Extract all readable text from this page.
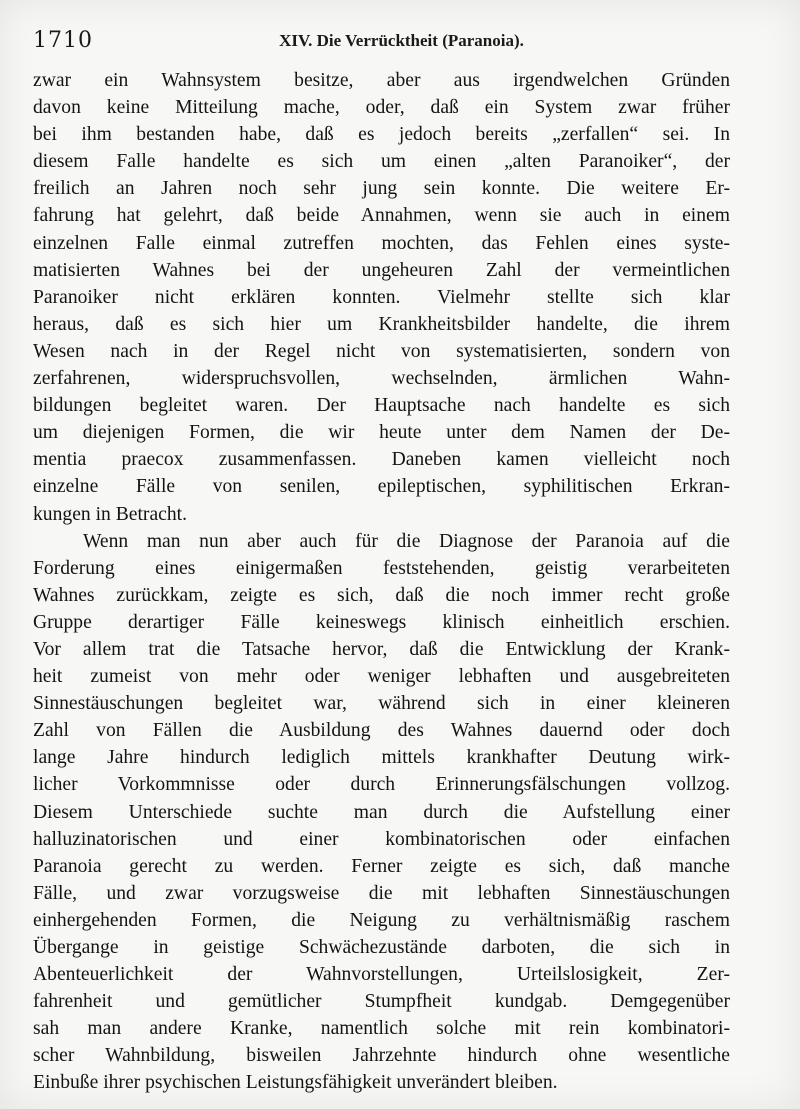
1710	XIV. Die Verrücktheit (Paranoia).
zwar ein Wahnsystem besitze, aber aus irgendwelchen Gründen
davon keine Mitteilung mache, oder, daß ein System zwar früher
bei ihm bestanden habe, daß es jedoch bereits „zerfallen“ sei. In
diesem Falle handelte es sich um einen „alten Paranoiker“, der
freilich an Jahren noch sehr jung sein konnte. Die weitere Er-
fahrung hat gelehrt, daß beide Annahmen, wenn sie auch in einem
einzelnen Falle einmal zutreffen mochten, das Fehlen eines syste-
matisierten Wahnes bei der ungeheuren Zahl der vermeintlichen
Paranoiker nicht erklären konnten. Vielmehr stellte sich klar
heraus, daß es sich hier um Krankheitsbilder handelte, die ihrem
Wesen nach in der Regel nicht von systematisierten, sondern von
zerfahrenen, widerspruchsvollen, wechselnden, ärmlichen Wahn-
bildungen begleitet waren. Der Hauptsache nach handelte es sich
um diejenigen Formen, die wir heute unter dem Namen der De-
mentia praecox zusammenfassen. Daneben kamen vielleicht noch
einzelne Fälle von senilen, epileptischen, syphilitischen Erkran-
kungen in Betracht.
Wenn man nun aber auch für die Diagnose der Paranoia auf die
Forderung eines einigermaßen feststehenden, geistig verarbeiteten
Wahnes zurückkam, zeigte es sich, daß die noch immer recht große
Gruppe derartiger Fälle keineswegs klinisch einheitlich erschien.
Vor allem trat die Tatsache hervor, daß die Entwicklung der Krank-
heit zumeist von mehr oder weniger lebhaften und ausgebreiteten
Sinnestäuschungen begleitet war, während sich in einer kleineren
Zahl von Fällen die Ausbildung des Wahnes dauernd oder doch
lange Jahre hindurch lediglich mittels krankhafter Deutung wirk-
licher Vorkommnisse oder durch Erinnerungsfälschungen vollzog.
Diesem Unterschiede suchte man durch die Aufstellung einer
halluzinatorischen und einer kombinatorischen oder einfachen
Paranoia gerecht zu werden. Ferner zeigte es sich, daß manche
Fälle, und zwar vorzugsweise die mit lebhaften Sinnestäuschungen
einhergehenden Formen, die Neigung zu verhältnismäßig raschem
Übergange in geistige Schwächezustände darboten, die sich in
Abenteuerlichkeit der Wahnvorstellungen, Urteilslosigkeit, Zer-
fahrenheit und gemütlicher Stumpfheit kundgab. Demgegenüber
sah man andere Kranke, namentlich solche mit rein kombinatori-
scher Wahnbildung, bisweilen Jahrzehnte hindurch ohne wesentliche
Einbuße ihrer psychischen Leistungsfähigkeit unverändert bleiben.
